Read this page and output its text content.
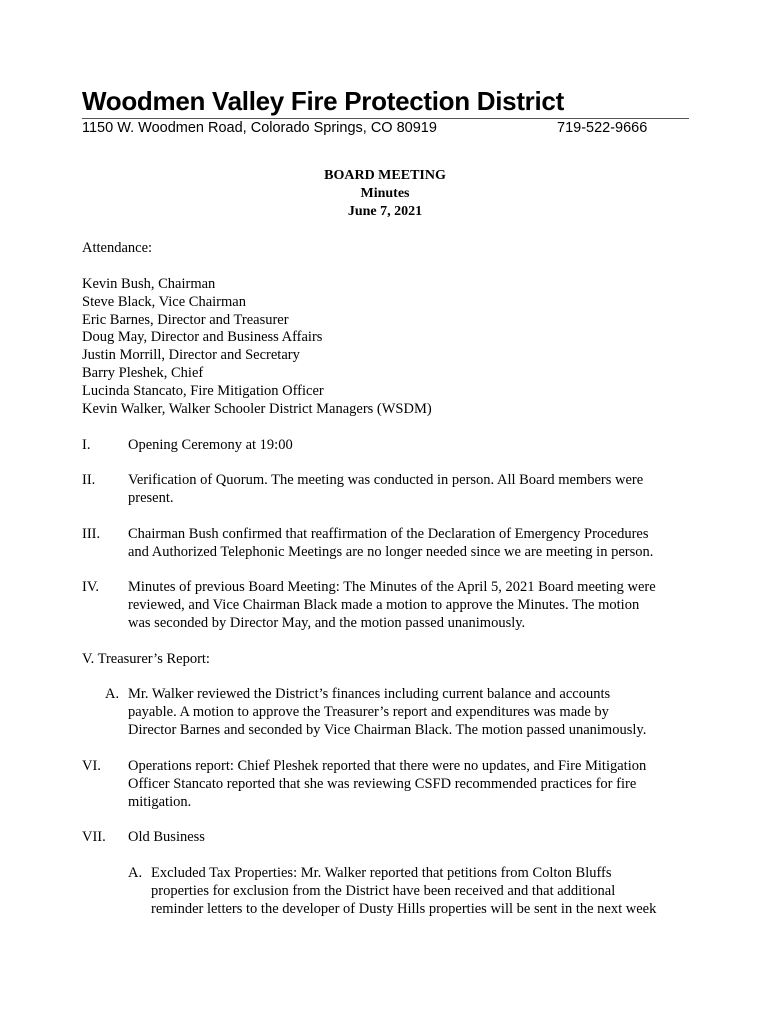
Woodmen Valley Fire Protection District
1150 W. Woodmen Road, Colorado Springs, CO 80919	719-522-9666
BOARD MEETING
Minutes
June 7, 2021
Attendance:
Kevin Bush, Chairman
Steve Black, Vice Chairman
Eric Barnes, Director and Treasurer
Doug May, Director and Business Affairs
Justin Morrill, Director and Secretary
Barry Pleshek, Chief
Lucinda Stancato, Fire Mitigation Officer
Kevin Walker, Walker Schooler District Managers (WSDM)
I.	Opening Ceremony at 19:00
II. Verification of Quorum. The meeting was conducted in person. All Board members were
present.
III. Chairman Bush confirmed that reaffirmation of the Declaration of Emergency Procedures
and Authorized Telephonic Meetings are no longer needed since we are meeting in person.
IV. Minutes of previous Board Meeting: The Minutes of the April 5, 2021 Board meeting were
reviewed, and Vice Chairman Black made a motion to approve the Minutes. The motion
was seconded by Director May, and the motion passed unanimously.
V. Treasurer’s Report:
A. Mr. Walker reviewed the District’s finances including current balance and accounts
payable. A motion to approve the Treasurer’s report and expenditures was made by
Director Barnes and seconded by Vice Chairman Black. The motion passed unanimously.
VI. Operations report: Chief Pleshek reported that there were no updates, and Fire Mitigation
Officer Stancato reported that she was reviewing CSFD recommended practices for fire
mitigation.
VII. Old Business
A. Excluded Tax Properties: Mr. Walker reported that petitions from Colton Bluffs
properties for exclusion from the District have been received and that additional
reminder letters to the developer of Dusty Hills properties will be sent in the next week
